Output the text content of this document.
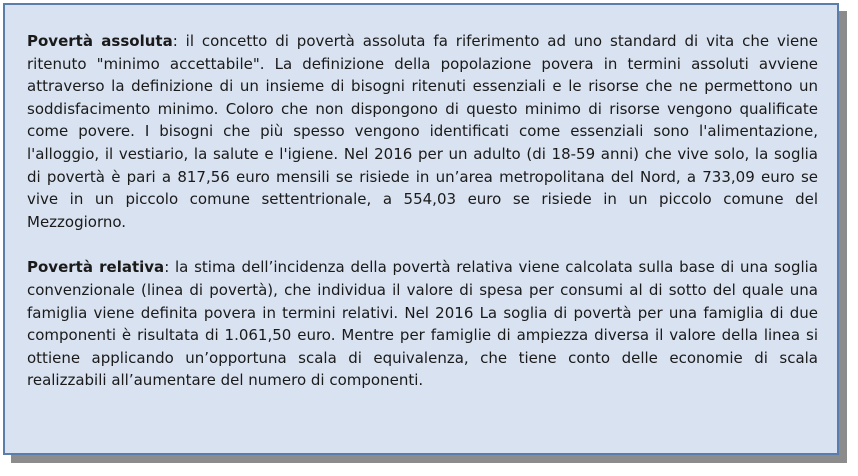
Povertà assoluta: il concetto di povertà assoluta fa riferimento ad uno standard di vita che viene ritenuto "minimo accettabile". La definizione della popolazione povera in termini assoluti avviene attraverso la definizione di un insieme di bisogni ritenuti essenziali e le risorse che ne permettono un soddisfacimento minimo. Coloro che non dispongono di questo minimo di risorse vengono qualificate come povere. I bisogni che più spesso vengono identificati come essenziali sono l'alimentazione, l'alloggio, il vestiario, la salute e l'igiene. Nel 2016 per un adulto (di 18-59 anni) che vive solo, la soglia di povertà è pari a 817,56 euro mensili se risiede in un’area metropolitana del Nord, a 733,09 euro se vive in un piccolo comune settentrionale, a 554,03 euro se risiede in un piccolo comune del Mezzogiorno.

Povertà relativa: la stima dell’incidenza della povertà relativa viene calcolata sulla base di una soglia convenzionale (linea di povertà), che individua il valore di spesa per consumi al di sotto del quale una famiglia viene definita povera in termini relativi. Nel 2016 La soglia di povertà per una famiglia di due componenti è risultata di 1.061,50 euro. Mentre per famiglie di ampiezza diversa il valore della linea si ottiene applicando un’opportuna scala di equivalenza, che tiene conto delle economie di scala realizzabili all’aumentare del numero di componenti.
